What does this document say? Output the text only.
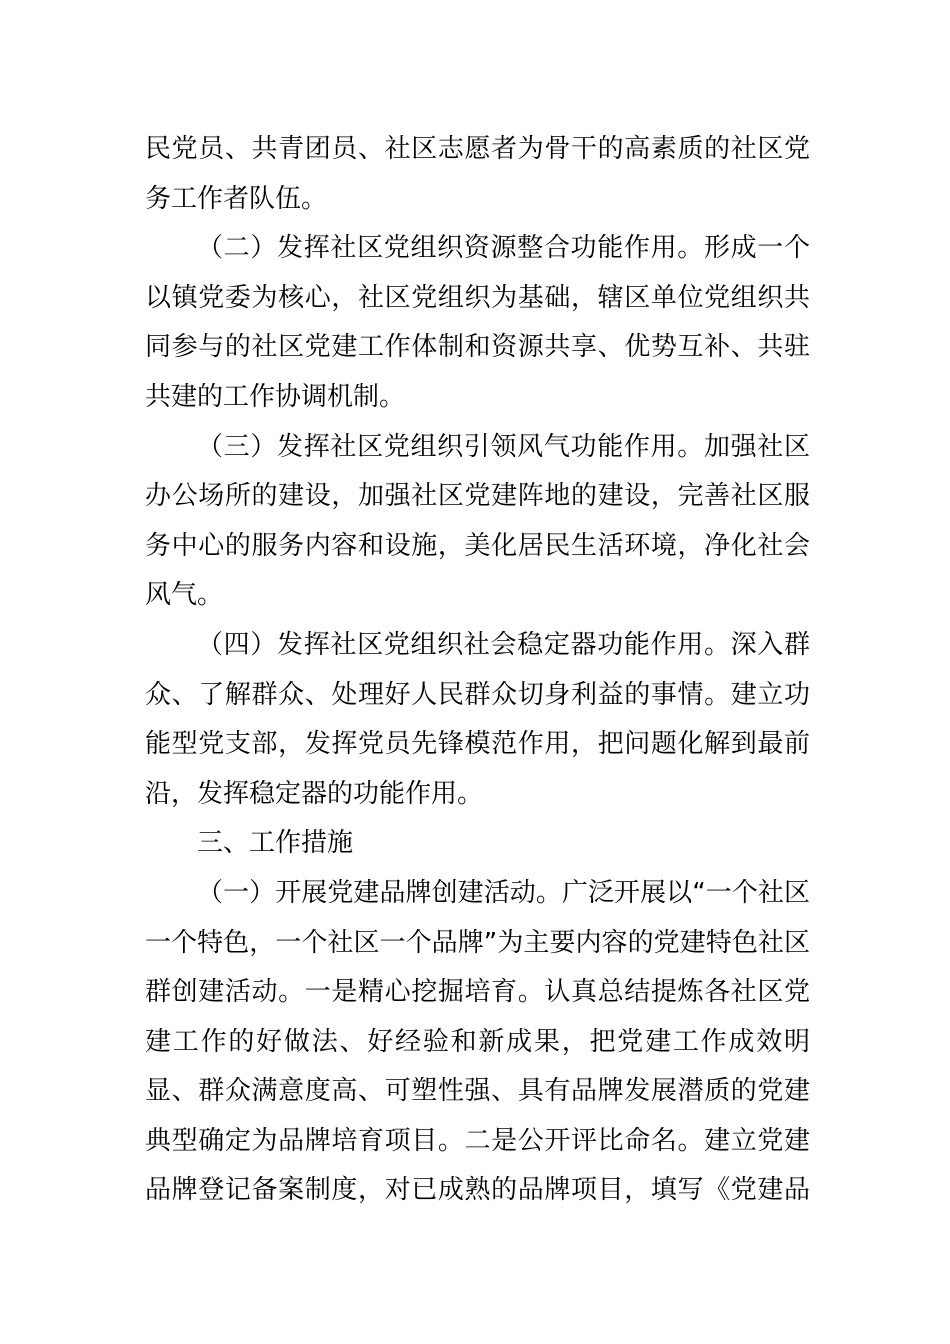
民党员、共青团员、社区志愿者为骨干的高素质的社区党
务工作者队伍。
（二）发挥社区党组织资源整合功能作用。形成一个
以镇党委为核心，社区党组织为基础，辖区单位党组织共
同参与的社区党建工作体制和资源共享、优势互补、共驻
共建的工作协调机制。
（三）发挥社区党组织引领风气功能作用。加强社区
办公场所的建设，加强社区党建阵地的建设，完善社区服
务中心的服务内容和设施，美化居民生活环境，净化社会
风气。
（四）发挥社区党组织社会稳定器功能作用。深入群
众、了解群众、处理好人民群众切身利益的事情。建立功
能型党支部，发挥党员先锋模范作用，把问题化解到最前
沿，发挥稳定器的功能作用。
三、工作措施
（一）开展党建品牌创建活动。广泛开展以“一个社区
一个特色，一个社区一个品牌”为主要内容的党建特色社区
群创建活动。一是精心挖掘培育。认真总结提炼各社区党
建工作的好做法、好经验和新成果，把党建工作成效明
显、群众满意度高、可塑性强、具有品牌发展潜质的党建
典型确定为品牌培育项目。二是公开评比命名。建立党建
品牌登记备案制度，对已成熟的品牌项目，填写《党建品
